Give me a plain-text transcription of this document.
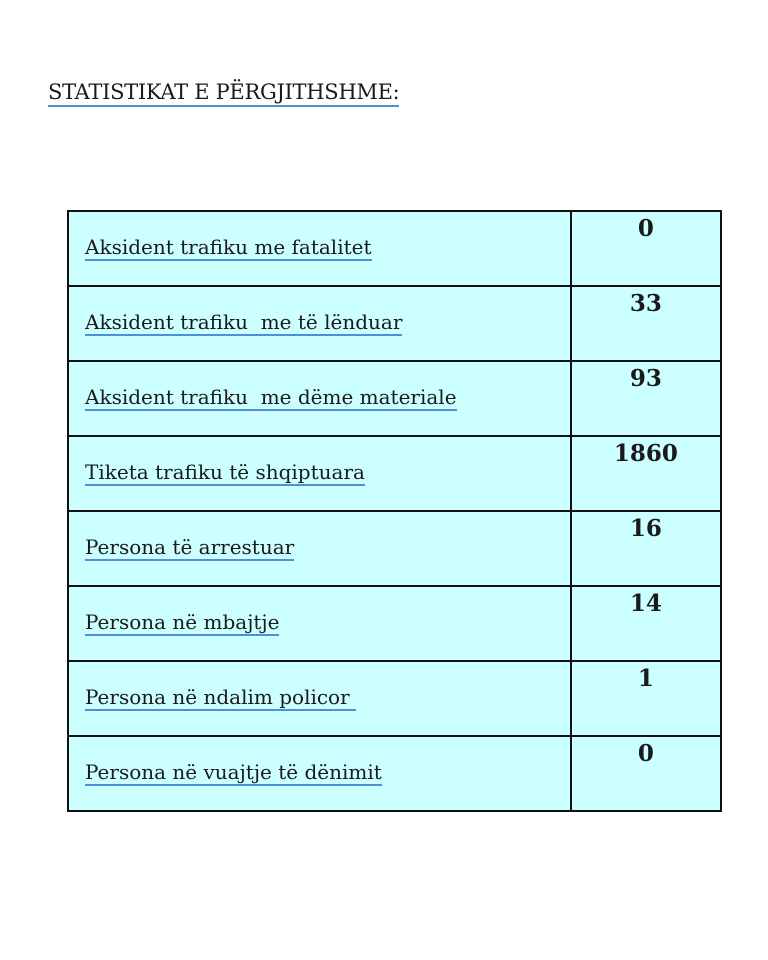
STATISTIKAT E PËRGJITHSHME:
Aksident trafiku me fatalitet	0

Aksident trafiku  me të lënduar	33

Aksident trafiku  me dëme materiale	93

Tiketa trafiku të shqiptuara	1860

Persona të arrestuar	16

Persona në mbajtje	14

Persona në ndalim policor	1

Persona në vuajtje të dënimit	0
